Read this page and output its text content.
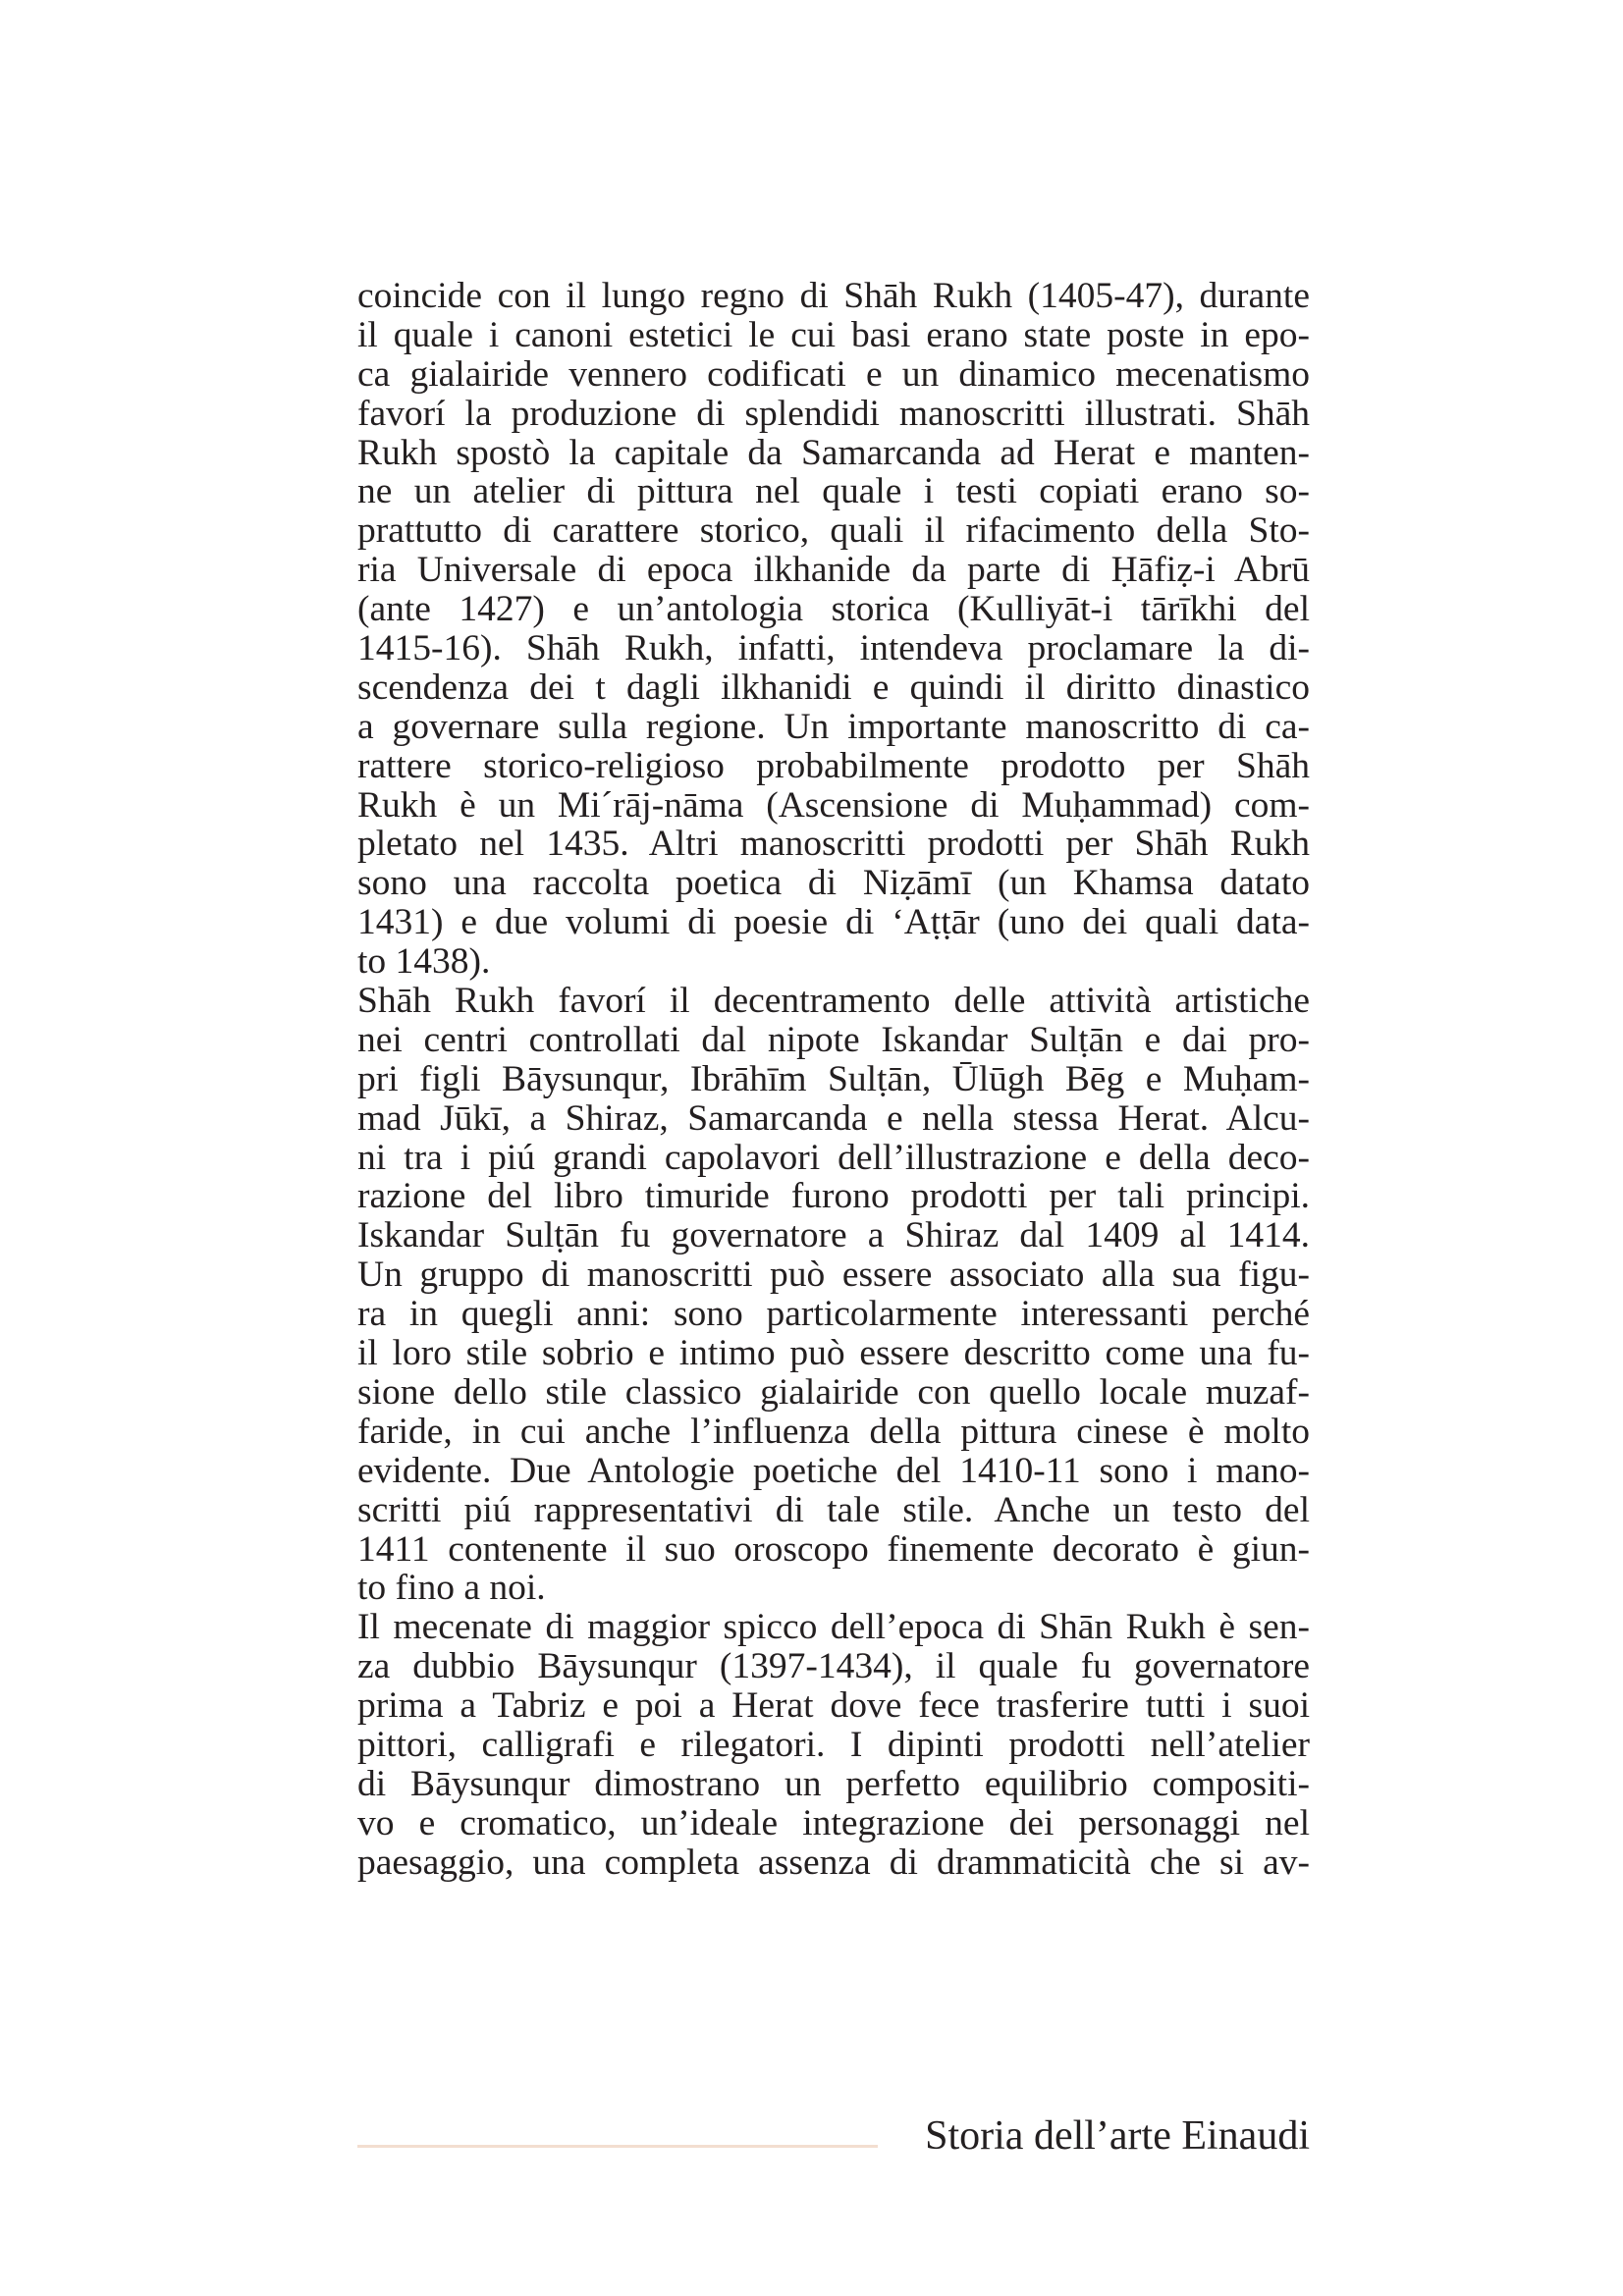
coincide con il lungo regno di Shāh Rukh (1405-47), durante
il quale i canoni estetici le cui basi erano state poste in epo-
ca gialairide vennero codificati e un dinamico mecenatismo
favorí la produzione di splendidi manoscritti illustrati. Shāh
Rukh spostò la capitale da Samarcanda ad Herat e manten-
ne un atelier di pittura nel quale i testi copiati erano so-
prattutto di carattere storico, quali il rifacimento della Sto-
ria Universale di epoca ilkhanide da parte di Ḥāfiẓ-i Abrū
(ante 1427) e un’antologia storica (Kulliyāt-i tārīkhi del
1415-16). Shāh Rukh, infatti, intendeva proclamare la di-
scendenza dei t dagli ilkhanidi e quindi il diritto dinastico
a governare sulla regione. Un importante manoscritto di ca-
rattere storico-religioso probabilmente prodotto per Shāh
Rukh è un Mi´rāj-nāma (Ascensione di Muḥammad) com-
pletato nel 1435. Altri manoscritti prodotti per Shāh Rukh
sono una raccolta poetica di Niẓāmī (un Khamsa datato
1431) e due volumi di poesie di ‘Aṭṭār (uno dei quali data-
to 1438).
Shāh Rukh favorí il decentramento delle attività artistiche
nei centri controllati dal nipote Iskandar Sulṭān e dai pro-
pri figli Bāysunqur, Ibrāhīm Sulṭān, Ūlūgh Bēg e Muḥam-
mad Jūkī, a Shiraz, Samarcanda e nella stessa Herat. Alcu-
ni tra i piú grandi capolavori dell’illustrazione e della deco-
razione del libro timuride furono prodotti per tali principi.
Iskandar Sulṭān fu governatore a Shiraz dal 1409 al 1414.
Un gruppo di manoscritti può essere associato alla sua figu-
ra in quegli anni: sono particolarmente interessanti perché
il loro stile sobrio e intimo può essere descritto come una fu-
sione dello stile classico gialairide con quello locale muzaf-
faride, in cui anche l’influenza della pittura cinese è molto
evidente. Due Antologie poetiche del 1410-11 sono i mano-
scritti piú rappresentativi di tale stile. Anche un testo del
1411 contenente il suo oroscopo finemente decorato è giun-
to fino a noi.
Il mecenate di maggior spicco dell’epoca di Shān Rukh è sen-
za dubbio Bāysunqur (1397-1434), il quale fu governatore
prima a Tabriz e poi a Herat dove fece trasferire tutti i suoi
pittori, calligrafi e rilegatori. I dipinti prodotti nell’atelier
di Bāysunqur dimostrano un perfetto equilibrio compositi-
vo e cromatico, un’ideale integrazione dei personaggi nel
paesaggio, una completa assenza di drammaticità che si av-
Storia dell’arte Einaudi
